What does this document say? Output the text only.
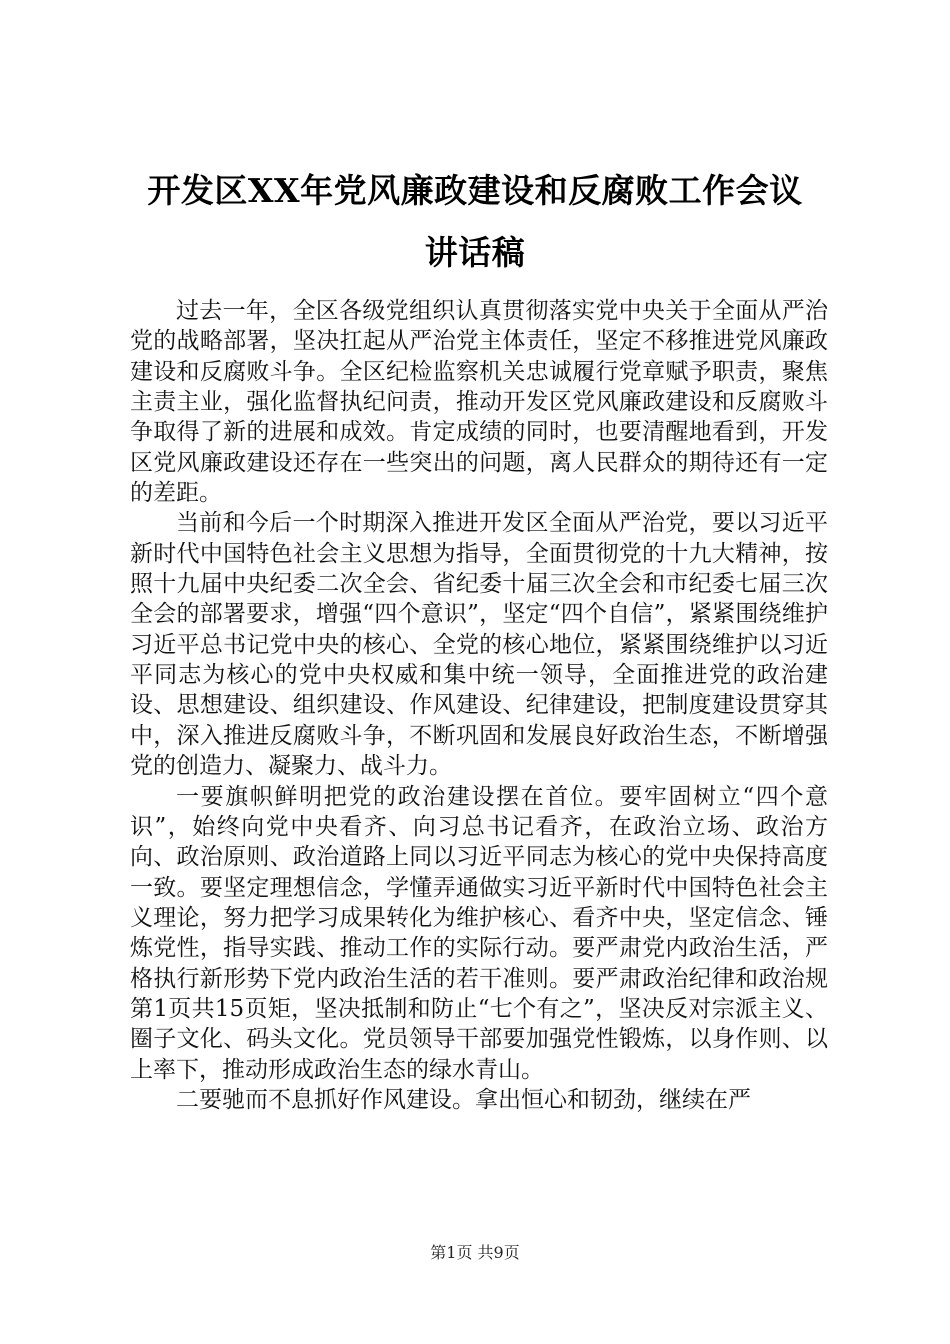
开发区XX年党风廉政建设和反腐败工作会议
讲话稿

过去一年，全区各级党组织认真贯彻落实党中央关于全面从严治党的战略部署，坚决扛起从严治党主体责任，坚定不移推进党风廉政建设和反腐败斗争。全区纪检监察机关忠诚履行党章赋予职责，聚焦主责主业，强化监督执纪问责，推动开发区党风廉政建设和反腐败斗争取得了新的进展和成效。肯定成绩的同时，也要清醒地看到，开发区党风廉政建设还存在一些突出的问题，离人民群众的期待还有一定的差距。

当前和今后一个时期深入推进开发区全面从严治党，要以习近平新时代中国特色社会主义思想为指导，全面贯彻党的十九大精神，按照十九届中央纪委二次全会、省纪委十届三次全会和市纪委七届三次全会的部署要求，增强“四个意识”，坚定“四个自信”，紧紧围绕维护习近平总书记党中央的核心、全党的核心地位，紧紧围绕维护以习近平同志为核心的党中央权威和集中统一领导，全面推进党的政治建设、思想建设、组织建设、作风建设、纪律建设，把制度建设贯穿其中，深入推进反腐败斗争，不断巩固和发展良好政治生态，不断增强党的创造力、凝聚力、战斗力。

一要旗帜鲜明把党的政治建设摆在首位。要牢固树立“四个意识”，始终向党中央看齐、向习总书记看齐，在政治立场、政治方向、政治原则、政治道路上同以习近平同志为核心的党中央保持高度一致。要坚定理想信念，学懂弄通做实习近平新时代中国特色社会主义理论，努力把学习成果转化为维护核心、看齐中央，坚定信念、锤炼党性，指导实践、推动工作的实际行动。要严肃党内政治生活，严格执行新形势下党内政治生活的若干准则。要严肃政治纪律和政治规第1页共15页矩，坚决抵制和防止“七个有之”，坚决反对宗派主义、圈子文化、码头文化。党员领导干部要加强党性锻炼，以身作则、以上率下，推动形成政治生态的绿水青山。

二要驰而不息抓好作风建设。拿出恒心和韧劲，继续在严

第1页 共9页
